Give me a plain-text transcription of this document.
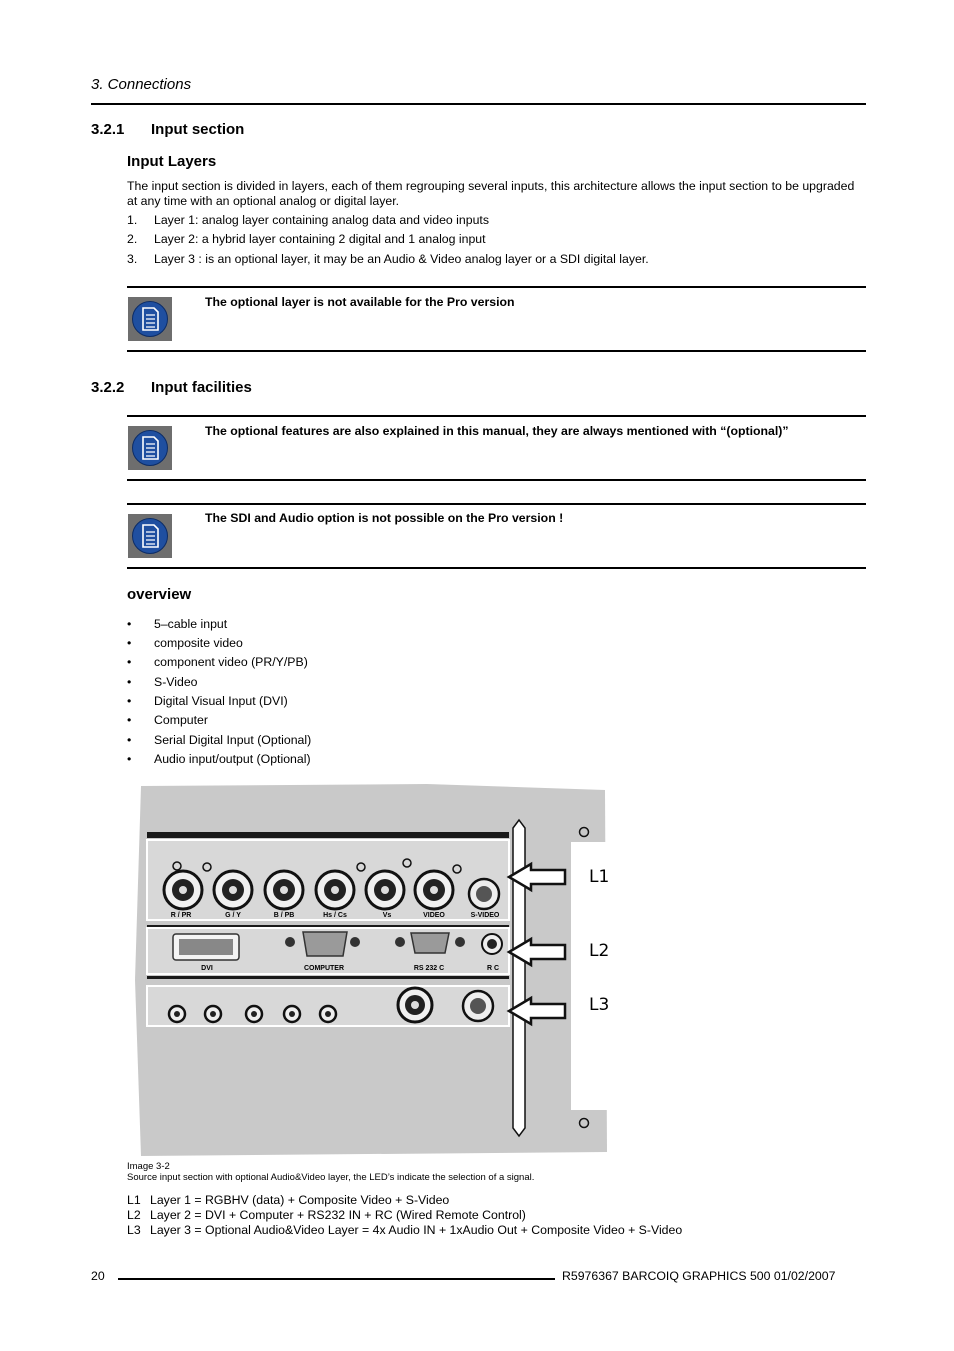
3. Connections
3.2.1 Input section
Input Layers
The input section is divided in layers, each of them regrouping several inputs, this architecture allows the input section to be upgraded
at any time with an optional analog or digital layer.
1. Layer 1: analog layer containing analog data and video inputs
2. Layer 2: a hybrid layer containing 2 digital and 1 analog input
3. Layer 3 : is an optional layer, it may be an Audio & Video analog layer or a SDI digital layer.
The optional layer is not available for the Pro version
3.2.2 Input facilities
The optional features are also explained in this manual, they are always mentioned with “(optional)”
The SDI and Audio option is not possible on the Pro version !
overview
• 5–cable input
• composite video
• component video (PR/Y/PB)
• S-Video
• Digital Visual Input (DVI)
• Computer
• Serial Digital Input (Optional)
• Audio input/output (Optional)
R / PR	G / Y	B / PB	Hs / Cs	Vs	VIDEO	S-VIDEO
DVI	COMPUTER	RS 232 C	R C
L1
L2
L3
Image 3-2
Source input section with optional Audio&Video layer, the LED’s indicate the selection of a signal.
L1 Layer 1 = RGBHV (data) + Composite Video + S-Video
L2 Layer 2 = DVI + Computer + RS232 IN + RC (Wired Remote Control)
L3 Layer 3 = Optional Audio&Video Layer = 4x Audio IN + 1xAudio Out + Composite Video + S-Video
20	R5976367 BARCOIQ GRAPHICS 500 01/02/2007
